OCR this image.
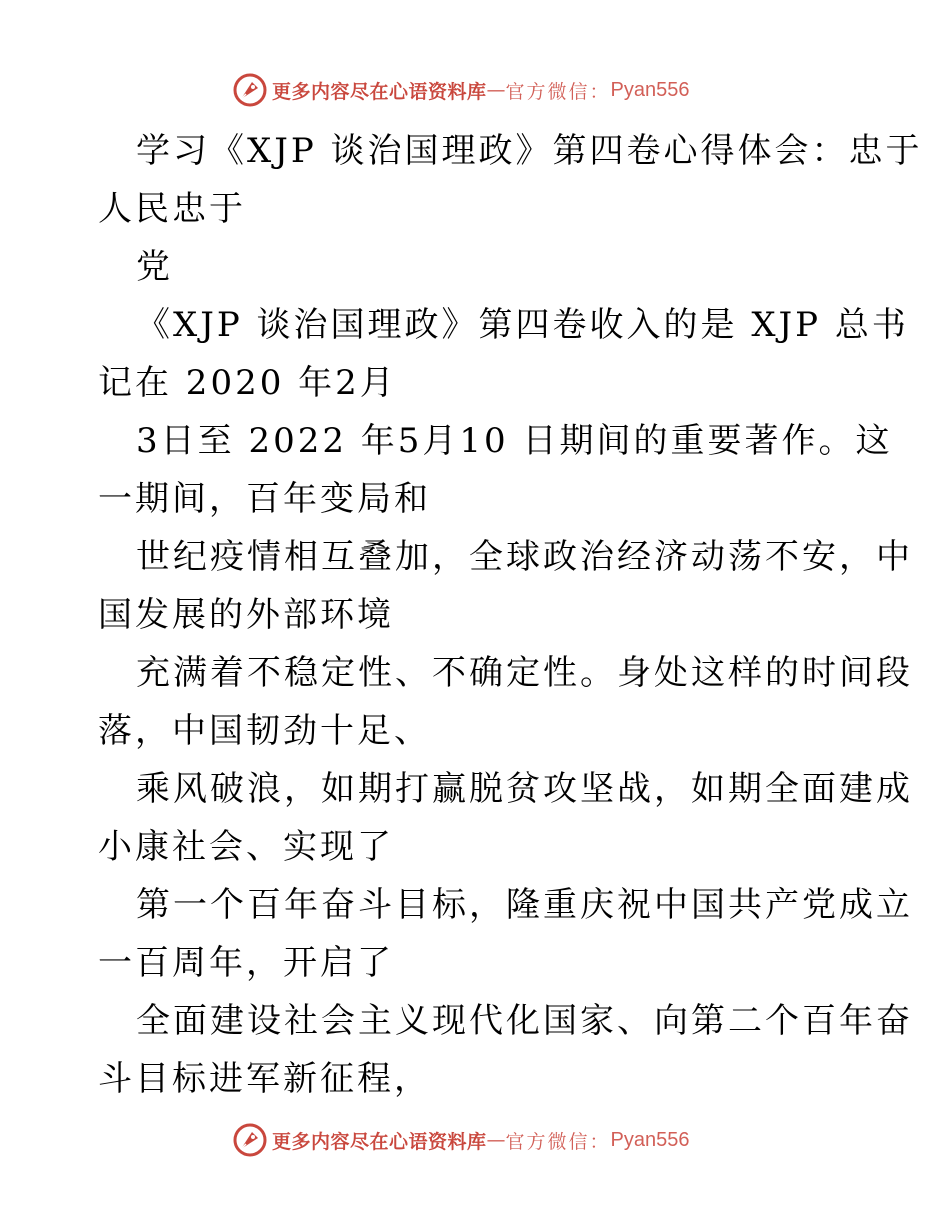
更多内容尽在心语资料库 — 官方微信： Pyan556
学习《XJP 谈治国理政》第四卷心得体会：忠于
人民忠于
党
《XJP 谈治国理政》第四卷收入的是 XJP 总书
记在 2020 年2月
3日至 2022 年5月10 日期间的重要著作。这
一期间，百年变局和
世纪疫情相互叠加，全球政治经济动荡不安，中
国发展的外部环境
充满着不稳定性、不确定性。身处这样的时间段
落，中国韧劲十足、
乘风破浪，如期打赢脱贫攻坚战，如期全面建成
小康社会、实现了
第一个百年奋斗目标，隆重庆祝中国共产党成立
一百周年，开启了
全面建设社会主义现代化国家、向第二个百年奋
斗目标进军新征程，
更多内容尽在心语资料库 — 官方微信： Pyan556
